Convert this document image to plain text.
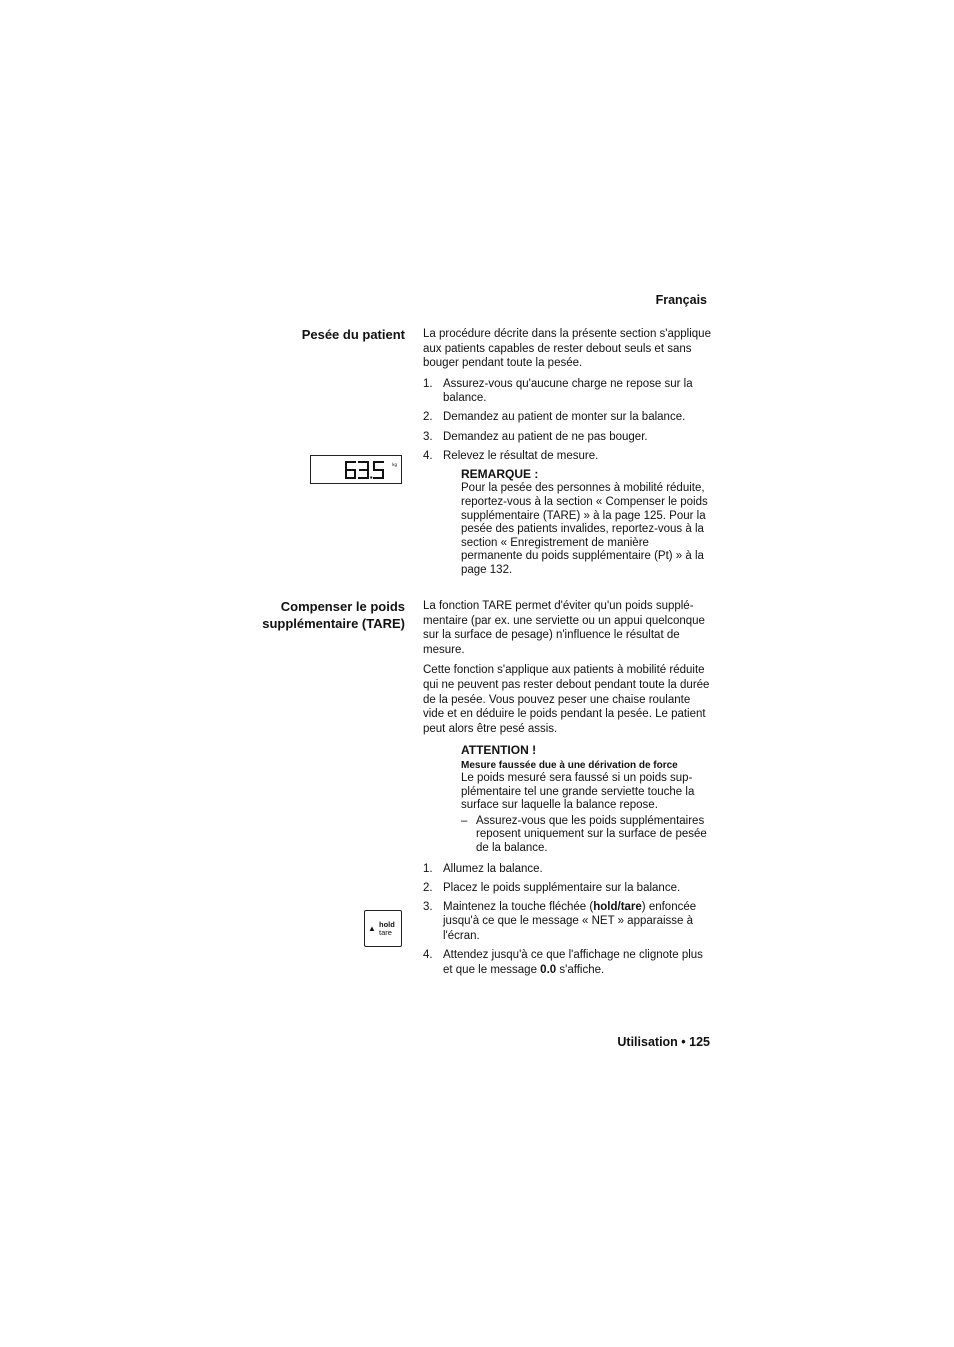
Français
Pesée du patient
kg

La procédure décrite dans la présente section s'applique aux patients capables de rester debout seuls et sans bouger pendant toute la pesée.

1. Assurez-vous qu'aucune charge ne repose sur la balance.
2. Demandez au patient de monter sur la balance.
3. Demandez au patient de ne pas bouger.
4. Relevez le résultat de mesure.
REMARQUE :
Pour la pesée des personnes à mobilité réduite, reportez-vous à la section « Compenser le poids supplémentaire (TARE) » à la page 125. Pour la pesée des patients invalides, reportez-vous à la section « Enregistrement de manière permanente du poids supplémentaire (Pt) » à la page 132.
Compenser le poids
supplémentaire (TARE)
▲ hold
tare

La fonction TARE permet d'éviter qu'un poids supplé-mentaire (par ex. une serviette ou un appui quelconque sur la surface de pesage) n'influence le résultat de mesure.

Cette fonction s'applique aux patients à mobilité réduite qui ne peuvent pas rester debout pendant toute la durée de la pesée. Vous pouvez peser une chaise roulante vide et en déduire le poids pendant la pesée. Le patient peut alors être pesé assis.

ATTENTION !
Mesure faussée due à une dérivation de force
Le poids mesuré sera faussé si un poids sup-plémentaire tel une grande serviette touche la surface sur laquelle la balance repose.
– Assurez-vous que les poids supplémentaires reposent uniquement sur la surface de pesée de la balance.
1. Allumez la balance.
2. Placez le poids supplémentaire sur la balance.
3. Maintenez la touche fléchée (hold/tare) enfoncée jusqu'à ce que le message « NET » apparaisse à l'écran.
4. Attendez jusqu'à ce que l'affichage ne clignote plus et que le message 0.0 s'affiche.
Utilisation • 125
